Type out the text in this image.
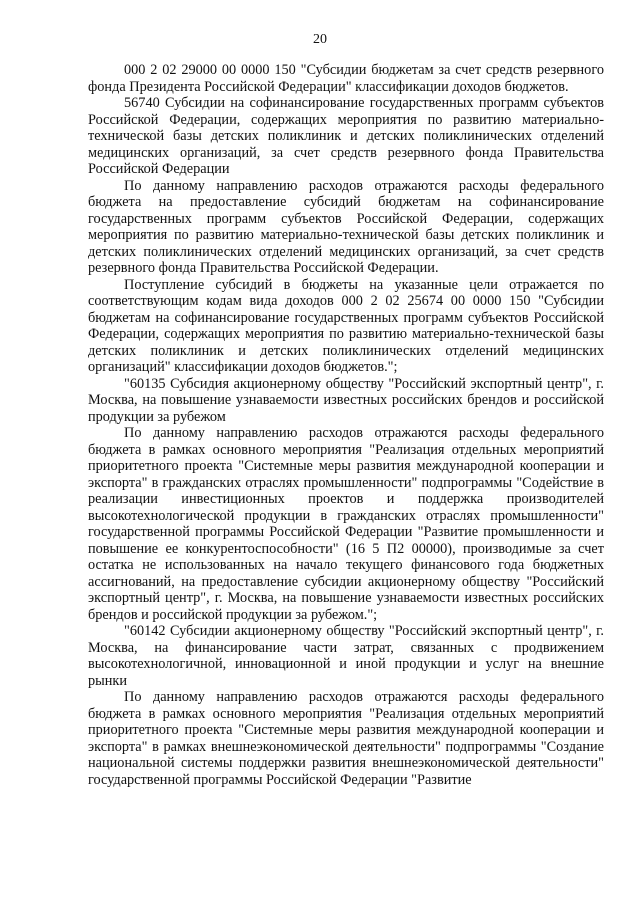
20

000 2 02 29000 00 0000 150 "Субсидии бюджетам за счет средств резервного фонда Президента Российской Федерации" классификации доходов бюджетов.

56740 Субсидии на софинансирование государственных программ субъектов Российской Федерации, содержащих мероприятия по развитию материально-технической базы детских поликлиник и детских поликлинических отделений медицинских организаций, за счет средств резервного фонда Правительства Российской Федерации

По данному направлению расходов отражаются расходы федерального бюджета на предоставление субсидий бюджетам на софинансирование государственных программ субъектов Российской Федерации, содержащих мероприятия по развитию материально-технической базы детских поликлиник и детских поликлинических отделений медицинских организаций, за счет средств резервного фонда Правительства Российской Федерации.

Поступление субсидий в бюджеты на указанные цели отражается по соответствующим кодам вида доходов 000 2 02 25674 00 0000 150 "Субсидии бюджетам на софинансирование государственных программ субъектов Российской Федерации, содержащих мероприятия по развитию материально-технической базы детских поликлиник и детских поликлинических отделений медицинских организаций" классификации доходов бюджетов.";

"60135 Субсидия акционерному обществу "Российский экспортный центр", г. Москва, на повышение узнаваемости известных российских брендов и российской продукции за рубежом

По данному направлению расходов отражаются расходы федерального бюджета в рамках основного мероприятия "Реализация отдельных мероприятий приоритетного проекта "Системные меры развития международной кооперации и экспорта" в гражданских отраслях промышленности" подпрограммы "Содействие в реализации инвестиционных проектов и поддержка производителей высокотехнологической продукции в гражданских отраслях промышленности" государственной программы Российской Федерации "Развитие промышленности и повышение ее конкурентоспособности" (16 5 П2 00000), производимые за счет остатка не использованных на начало текущего финансового года бюджетных ассигнований, на предоставление субсидии акционерному обществу "Российский экспортный центр", г. Москва, на повышение узнаваемости известных российских брендов и российской продукции за рубежом.";

"60142 Субсидии акционерному обществу "Российский экспортный центр", г. Москва, на финансирование части затрат, связанных с продвижением высокотехнологичной, инновационной и иной продукции и услуг на внешние рынки

По данному направлению расходов отражаются расходы федерального бюджета в рамках основного мероприятия "Реализация отдельных мероприятий приоритетного проекта "Системные меры развития международной кооперации и экспорта" в рамках внешнеэкономической деятельности" подпрограммы "Создание национальной системы поддержки развития внешнеэкономической деятельности" государственной программы Российской Федерации "Развитие
